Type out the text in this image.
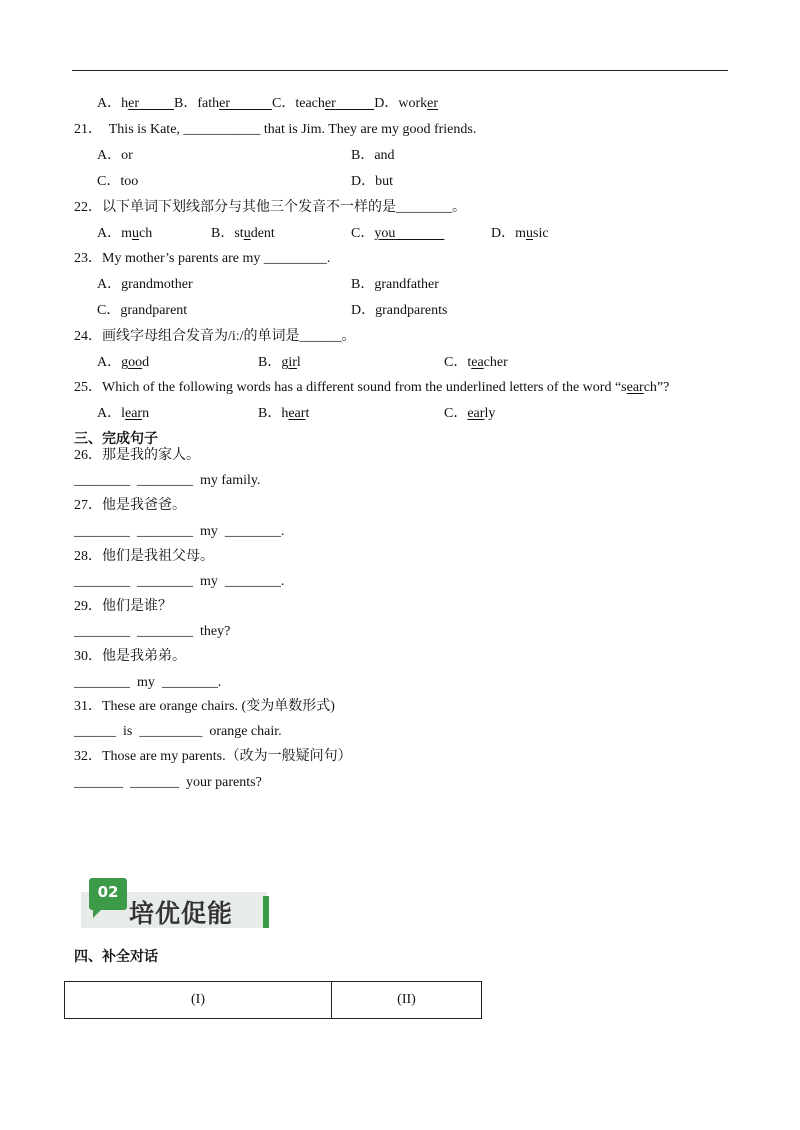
A．her	B．father	C．teacher	D．worker
21．  This is Kate, ___________ that is Jim. They are my good friends.
A．or	B．and
C．too	D．but
22．以下单词下划线部分与其他三个发音不一样的是________。
A．much	B．student	C．you	D．music
23．My mother’s parents are my _________.
A．grandmother	B．grandfather
C．grandparent	D．grandparents
24．画线字母组合发音为/iː/的单词是______。
A．good	B．girl	C．teacher
25．Which of the following words has a different sound from the underlined letters of the word “search”?
A．learn	B．heart	C．early
三、完成句子
26．那是我的家人。
________  ________  my family.
27．他是我爸爸。
________  ________  my  ________.
28．他们是我祖父母。
________  ________  my  ________.
29．他们是谁？
________  ________  they?
30．他是我弟弟。
________  my  ________.
31．These are orange chairs. (变为单数形式)
______  is  _________  orange chair.
32．Those are my parents.（改为一般疑问句）
_______  _______  your parents?
02
培优促能
四、补全对话
(I)	(II)
